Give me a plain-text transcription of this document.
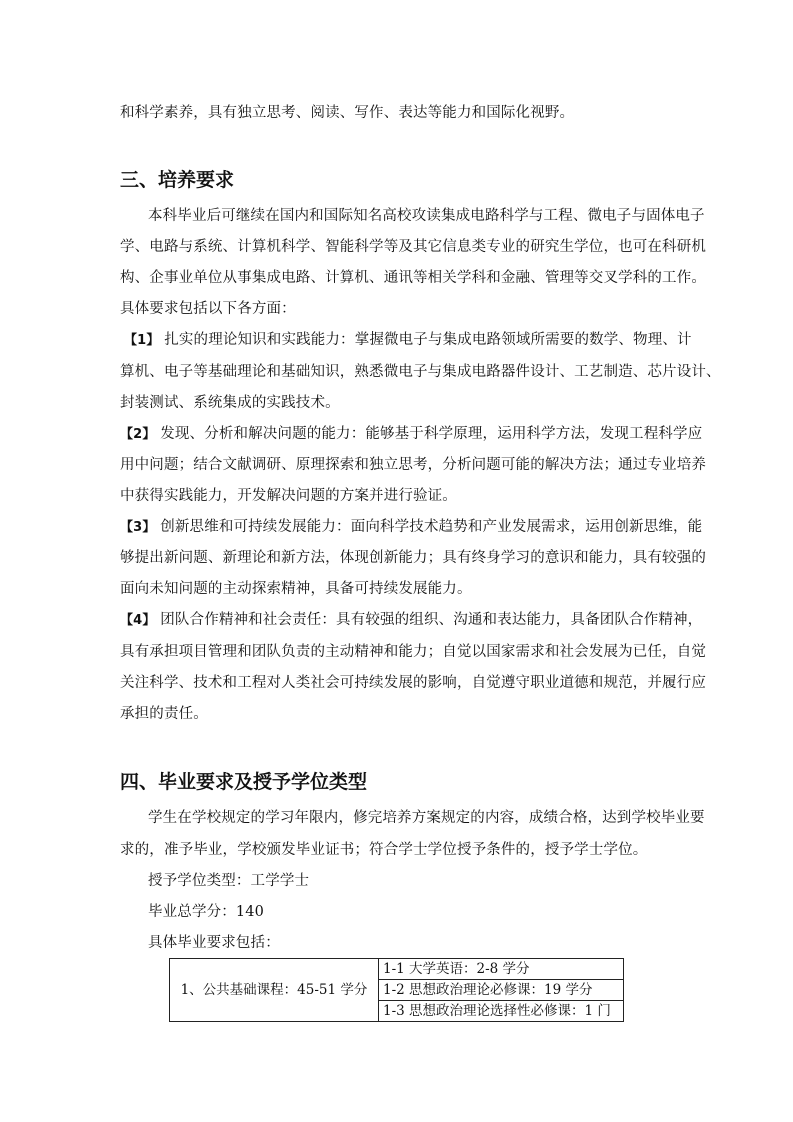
和科学素养，具有独立思考、阅读、写作、表达等能力和国际化视野。
三、培养要求
本科毕业后可继续在国内和国际知名高校攻读集成电路科学与工程、微电子与固体电子
学、电路与系统、计算机科学、智能科学等及其它信息类专业的研究生学位，也可在科研机
构、企事业单位从事集成电路、计算机、通讯等相关学科和金融、管理等交叉学科的工作。
具体要求包括以下各方面：
【1】 扎实的理论知识和实践能力：掌握微电子与集成电路领域所需要的数学、物理、计
算机、电子等基础理论和基础知识，熟悉微电子与集成电路器件设计、工艺制造、芯片设计、
封装测试、系统集成的实践技术。
【2】 发现、分析和解决问题的能力：能够基于科学原理，运用科学方法，发现工程科学应
用中问题；结合文献调研、原理探索和独立思考，分析问题可能的解决方法；通过专业培养
中获得实践能力，开发解决问题的方案并进行验证。
【3】 创新思维和可持续发展能力：面向科学技术趋势和产业发展需求，运用创新思维，能
够提出新问题、新理论和新方法，体现创新能力；具有终身学习的意识和能力，具有较强的
面向未知问题的主动探索精神，具备可持续发展能力。
【4】 团队合作精神和社会责任：具有较强的组织、沟通和表达能力，具备团队合作精神，
具有承担项目管理和团队负责的主动精神和能力；自觉以国家需求和社会发展为已任，自觉
关注科学、技术和工程对人类社会可持续发展的影响，自觉遵守职业道德和规范，并履行应
承担的责任。
四、毕业要求及授予学位类型
学生在学校规定的学习年限内，修完培养方案规定的内容，成绩合格，达到学校毕业要
求的，准予毕业，学校颁发毕业证书；符合学士学位授予条件的，授予学士学位。
授予学位类型：工学学士
毕业总学分：140
具体毕业要求包括：
1、公共基础课程：45-51 学分	1-1 大学英语：2-8 学分
1-2 思想政治理论必修课：19 学分
1-3 思想政治理论选择性必修课：1 门
